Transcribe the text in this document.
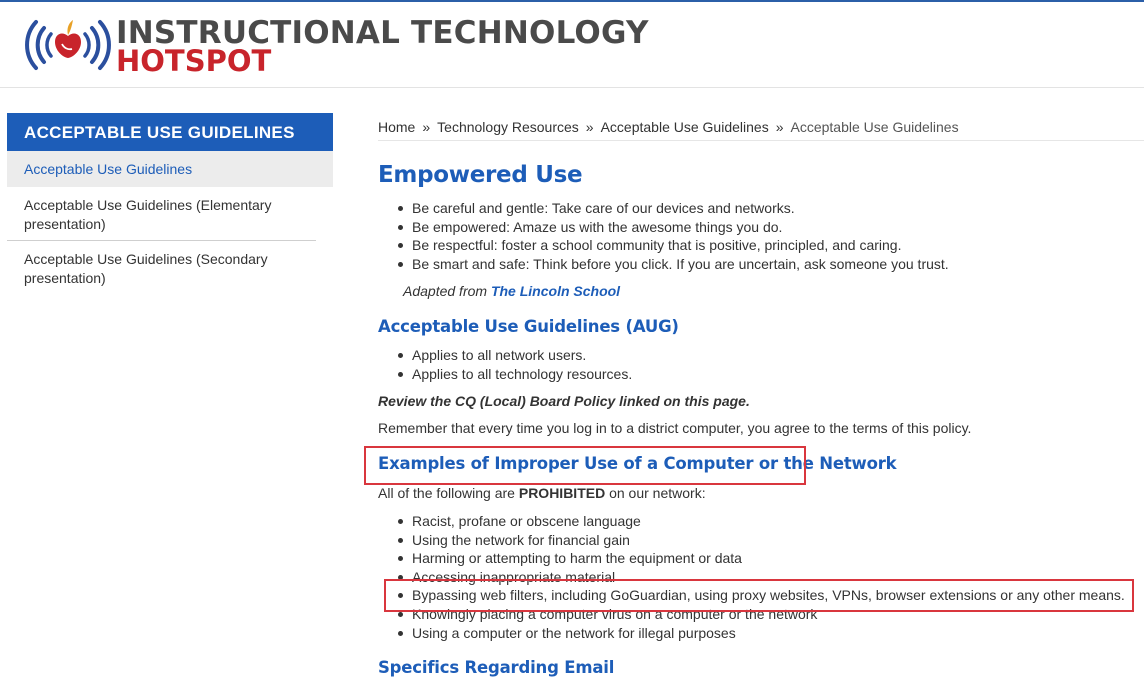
INSTRUCTIONAL TECHNOLOGY
HOTSPOT
ACCEPTABLE USE GUIDELINES
Acceptable Use Guidelines
Acceptable Use Guidelines (Elementary presentation)
Acceptable Use Guidelines (Secondary presentation)
Home » Technology Resources » Acceptable Use Guidelines » Acceptable Use Guidelines
Empowered Use
Be careful and gentle: Take care of our devices and networks.
Be empowered: Amaze us with the awesome things you do.
Be respectful: foster a school community that is positive, principled, and caring.
Be smart and safe: Think before you click. If you are uncertain, ask someone you trust.
Adapted from The Lincoln School
Acceptable Use Guidelines (AUG)
Applies to all network users.
Applies to all technology resources.
Review the CQ (Local) Board Policy linked on this page.
Remember that every time you log in to a district computer, you agree to the terms of this policy.
Examples of Improper Use of a Computer or the Network
All of the following are PROHIBITED on our network:
Racist, profane or obscene language
Using the network for financial gain
Harming or attempting to harm the equipment or data
Accessing inappropriate material
Bypassing web filters, including GoGuardian, using proxy websites, VPNs, browser extensions or any other means.
Knowingly placing a computer virus on a computer or the network
Using a computer or the network for illegal purposes
Specifics Regarding Email
